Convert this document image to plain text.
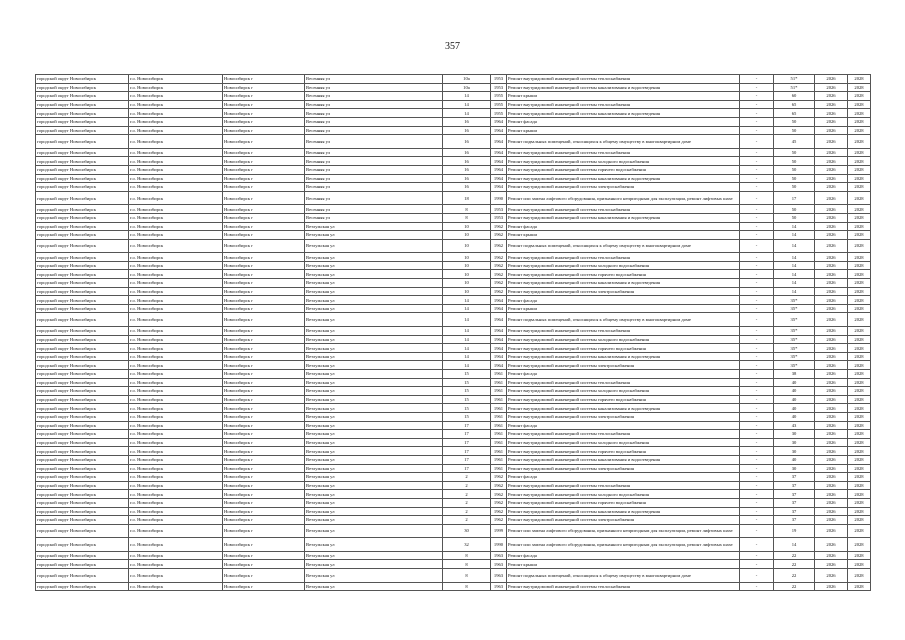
357
городской округ Новосибирск	г.о. Новосибирск	Новосибирск г	Весенняя ул	10а	1953	Ремонт внутридомовой инженерной системы теплоснабжения	-	51*	2026	2028
городской округ Новосибирск	г.о. Новосибирск	Новосибирск г	Весенняя ул	10а	1953	Ремонт внутридомовой инженерной системы канализования и водоотведения	-	51*	2026	2028
городской округ Новосибирск	г.о. Новосибирск	Новосибирск г	Весенняя ул	14	1955	Ремонт крыши	-	60	2026	2028
городской округ Новосибирск	г.о. Новосибирск	Новосибирск г	Весенняя ул	14	1955	Ремонт внутридомовой инженерной системы теплоснабжения	-	65	2026	2028
городской округ Новосибирск	г.о. Новосибирск	Новосибирск г	Весенняя ул	14	1955	Ремонт внутридомовой инженерной системы канализования и водоотведения	-	65	2026	2028
городской округ Новосибирск	г.о. Новосибирск	Новосибирск г	Весенняя ул	16	1964	Ремонт фасада	-	50	2026	2028
городской округ Новосибирск	г.о. Новосибирск	Новосибирск г	Весенняя ул	16	1964	Ремонт крыши	-	50	2026	2028
городской округ Новосибирск	г.о. Новосибирск	Новосибирск г	Весенняя ул	16	1964	Ремонт подвальных помещений, относящихся к общему имуществу в многоквартирном доме	-	45	2026	2028
городской округ Новосибирск	г.о. Новосибирск	Новосибирск г	Весенняя ул	16	1964	Ремонт внутридомовой инженерной системы теплоснабжения	-	50	2026	2028
городской округ Новосибирск	г.о. Новосибирск	Новосибирск г	Весенняя ул	16	1964	Ремонт внутридомовой инженерной системы холодного водоснабжения	-	50	2026	2028
городской округ Новосибирск	г.о. Новосибирск	Новосибирск г	Весенняя ул	16	1964	Ремонт внутридомовой инженерной системы горячего водоснабжения	-	50	2026	2028
городской округ Новосибирск	г.о. Новосибирск	Новосибирск г	Весенняя ул	16	1964	Ремонт внутридомовой инженерной системы канализования и водоотведения	-	50	2026	2028
городской округ Новосибирск	г.о. Новосибирск	Новосибирск г	Весенняя ул	16	1964	Ремонт внутридомовой инженерной системы электроснабжения	-	50	2026	2028
городской округ Новосибирск	г.о. Новосибирск	Новосибирск г	Весенняя ул	18	1990	Ремонт или замена лифтового оборудования, признанного непригодным для эксплуатации, ремонт лифтовых шахт	-	17	2026	2028
городской округ Новосибирск	г.о. Новосибирск	Новосибирск г	Весенняя ул	8	1953	Ремонт внутридомовой инженерной системы теплоснабжения	-	50	2026	2028
городской округ Новосибирск	г.о. Новосибирск	Новосибирск г	Весенняя ул	8	1953	Ремонт внутридомовой инженерной системы канализования и водоотведения	-	50	2026	2028
городской округ Новосибирск	г.о. Новосибирск	Новосибирск г	Ветлужская ул	10	1962	Ремонт фасада	-	14	2026	2028
городской округ Новосибирск	г.о. Новосибирск	Новосибирск г	Ветлужская ул	10	1962	Ремонт крыши	-	14	2026	2028
городской округ Новосибирск	г.о. Новосибирск	Новосибирск г	Ветлужская ул	10	1962	Ремонт подвальных помещений, относящихся к общему имуществу в многоквартирном доме	-	14	2026	2028
городской округ Новосибирск	г.о. Новосибирск	Новосибирск г	Ветлужская ул	10	1962	Ремонт внутридомовой инженерной системы теплоснабжения	-	14	2026	2028
городской округ Новосибирск	г.о. Новосибирск	Новосибирск г	Ветлужская ул	10	1962	Ремонт внутридомовой инженерной системы холодного водоснабжения	-	14	2026	2028
городской округ Новосибирск	г.о. Новосибирск	Новосибирск г	Ветлужская ул	10	1962	Ремонт внутридомовой инженерной системы горячего водоснабжения	-	14	2026	2028
городской округ Новосибирск	г.о. Новосибирск	Новосибирск г	Ветлужская ул	10	1962	Ремонт внутридомовой инженерной системы канализования и водоотведения	-	14	2026	2028
городской округ Новосибирск	г.о. Новосибирск	Новосибирск г	Ветлужская ул	10	1962	Ремонт внутридомовой инженерной системы электроснабжения	-	14	2026	2028
городской округ Новосибирск	г.о. Новосибирск	Новосибирск г	Ветлужская ул	14	1964	Ремонт фасада	-	35*	2026	2028
городской округ Новосибирск	г.о. Новосибирск	Новосибирск г	Ветлужская ул	14	1964	Ремонт крыши	-	35*	2026	2028
городской округ Новосибирск	г.о. Новосибирск	Новосибирск г	Ветлужская ул	14	1964	Ремонт подвальных помещений, относящихся к общему имуществу в многоквартирном доме	-	35*	2026	2028
городской округ Новосибирск	г.о. Новосибирск	Новосибирск г	Ветлужская ул	14	1964	Ремонт внутридомовой инженерной системы теплоснабжения	-	35*	2026	2028
городской округ Новосибирск	г.о. Новосибирск	Новосибирск г	Ветлужская ул	14	1964	Ремонт внутридомовой инженерной системы холодного водоснабжения	-	35*	2026	2028
городской округ Новосибирск	г.о. Новосибирск	Новосибирск г	Ветлужская ул	14	1964	Ремонт внутридомовой инженерной системы горячего водоснабжения	-	35*	2026	2028
городской округ Новосибирск	г.о. Новосибирск	Новосибирск г	Ветлужская ул	14	1964	Ремонт внутридомовой инженерной системы канализования и водоотведения	-	35*	2026	2028
городской округ Новосибирск	г.о. Новосибирск	Новосибирск г	Ветлужская ул	14	1964	Ремонт внутридомовой инженерной системы электроснабжения	-	35*	2026	2028
городской округ Новосибирск	г.о. Новосибирск	Новосибирск г	Ветлужская ул	15	1961	Ремонт фасада	-	38	2026	2028
городской округ Новосибирск	г.о. Новосибирск	Новосибирск г	Ветлужская ул	15	1961	Ремонт внутридомовой инженерной системы теплоснабжения	-	40	2026	2028
городской округ Новосибирск	г.о. Новосибирск	Новосибирск г	Ветлужская ул	15	1961	Ремонт внутридомовой инженерной системы холодного водоснабжения	-	40	2026	2028
городской округ Новосибирск	г.о. Новосибирск	Новосибирск г	Ветлужская ул	15	1961	Ремонт внутридомовой инженерной системы горячего водоснабжения	-	40	2026	2028
городской округ Новосибирск	г.о. Новосибирск	Новосибирск г	Ветлужская ул	15	1961	Ремонт внутридомовой инженерной системы канализования и водоотведения	-	40	2026	2028
городской округ Новосибирск	г.о. Новосибирск	Новосибирск г	Ветлужская ул	15	1961	Ремонт внутридомовой инженерной системы электроснабжения	-	40	2026	2028
городской округ Новосибирск	г.о. Новосибирск	Новосибирск г	Ветлужская ул	17	1961	Ремонт фасада	-	43	2026	2028
городской округ Новосибирск	г.о. Новосибирск	Новосибирск г	Ветлужская ул	17	1961	Ремонт внутридомовой инженерной системы теплоснабжения	-	30	2026	2028
городской округ Новосибирск	г.о. Новосибирск	Новосибирск г	Ветлужская ул	17	1961	Ремонт внутридомовой инженерной системы холодного водоснабжения	-	30	2026	2028
городской округ Новосибирск	г.о. Новосибирск	Новосибирск г	Ветлужская ул	17	1961	Ремонт внутридомовой инженерной системы горячего водоснабжения	-	30	2026	2028
городской округ Новосибирск	г.о. Новосибирск	Новосибирск г	Ветлужская ул	17	1961	Ремонт внутридомовой инженерной системы канализования и водоотведения	-	40	2026	2028
городской округ Новосибирск	г.о. Новосибирск	Новосибирск г	Ветлужская ул	17	1961	Ремонт внутридомовой инженерной системы электроснабжения	-	30	2026	2028
городской округ Новосибирск	г.о. Новосибирск	Новосибирск г	Ветлужская ул	2	1962	Ремонт фасада	-	37	2026	2028
городской округ Новосибирск	г.о. Новосибирск	Новосибирск г	Ветлужская ул	2	1962	Ремонт внутридомовой инженерной системы теплоснабжения	-	37	2026	2028
городской округ Новосибирск	г.о. Новосибирск	Новосибирск г	Ветлужская ул	2	1962	Ремонт внутридомовой инженерной системы холодного водоснабжения	-	37	2026	2028
городской округ Новосибирск	г.о. Новосибирск	Новосибирск г	Ветлужская ул	2	1962	Ремонт внутридомовой инженерной системы горячего водоснабжения	-	37	2026	2028
городской округ Новосибирск	г.о. Новосибирск	Новосибирск г	Ветлужская ул	2	1962	Ремонт внутридомовой инженерной системы канализования и водоотведения	-	37	2026	2028
городской округ Новосибирск	г.о. Новосибирск	Новосибирск г	Ветлужская ул	2	1962	Ремонт внутридомовой инженерной системы электроснабжения	-	37	2026	2028
городской округ Новосибирск	г.о. Новосибирск	Новосибирск г	Ветлужская ул	30	1999	Ремонт или замена лифтового оборудования, признанного непригодным для эксплуатации, ремонт лифтовых шахт	-	19	2026	2028
городской округ Новосибирск	г.о. Новосибирск	Новосибирск г	Ветлужская ул	32	1990	Ремонт или замена лифтового оборудования, признанного непригодным для эксплуатации, ремонт лифтовых шахт	-	14	2026	2028
городской округ Новосибирск	г.о. Новосибирск	Новосибирск г	Ветлужская ул	8	1963	Ремонт фасада	-	22	2026	2028
городской округ Новосибирск	г.о. Новосибирск	Новосибирск г	Ветлужская ул	8	1963	Ремонт крыши	-	22	2026	2028
городской округ Новосибирск	г.о. Новосибирск	Новосибирск г	Ветлужская ул	8	1963	Ремонт подвальных помещений, относящихся к общему имуществу в многоквартирном доме	-	22	2026	2028
городской округ Новосибирск	г.о. Новосибирск	Новосибирск г	Ветлужская ул	8	1963	Ремонт внутридомовой инженерной системы теплоснабжения	-	22	2026	2028
